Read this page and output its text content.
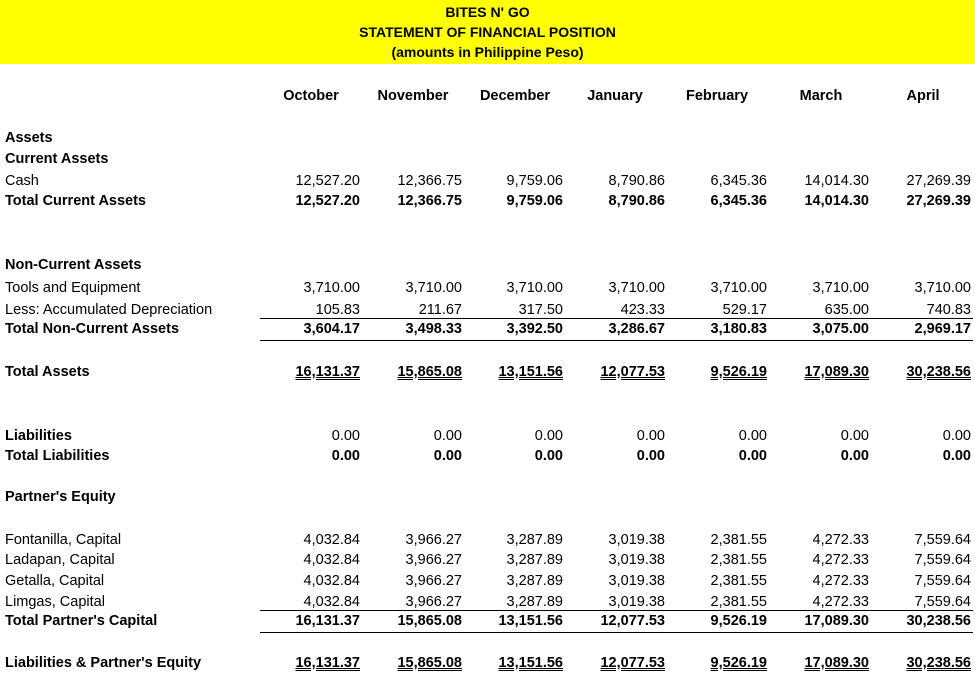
BITES N' GO
STATEMENT OF FINANCIAL POSITION
(amounts in Philippine Peso)
October	November	December	January	February	March	April
Assets
Current Assets
Cash	12,527.20	12,366.75	9,759.06	8,790.86	6,345.36	14,014.30	27,269.39
Total Current Assets	12,527.20	12,366.75	9,759.06	8,790.86	6,345.36	14,014.30	27,269.39
Non-Current Assets
Tools and Equipment	3,710.00	3,710.00	3,710.00	3,710.00	3,710.00	3,710.00	3,710.00
Less: Accumulated Depreciation	105.83	211.67	317.50	423.33	529.17	635.00	740.83
Total Non-Current Assets	3,604.17	3,498.33	3,392.50	3,286.67	3,180.83	3,075.00	2,969.17
Total Assets	16,131.37	15,865.08	13,151.56	12,077.53	9,526.19	17,089.30	30,238.56
Liabilities	0.00	0.00	0.00	0.00	0.00	0.00	0.00
Total Liabilities	0.00	0.00	0.00	0.00	0.00	0.00	0.00
Partner's Equity
Fontanilla, Capital	4,032.84	3,966.27	3,287.89	3,019.38	2,381.55	4,272.33	7,559.64
Ladapan, Capital	4,032.84	3,966.27	3,287.89	3,019.38	2,381.55	4,272.33	7,559.64
Getalla, Capital	4,032.84	3,966.27	3,287.89	3,019.38	2,381.55	4,272.33	7,559.64
Limgas, Capital	4,032.84	3,966.27	3,287.89	3,019.38	2,381.55	4,272.33	7,559.64
Total Partner's Capital	16,131.37	15,865.08	13,151.56	12,077.53	9,526.19	17,089.30	30,238.56
Liabilities & Partner's Equity	16,131.37	15,865.08	13,151.56	12,077.53	9,526.19	17,089.30	30,238.56
